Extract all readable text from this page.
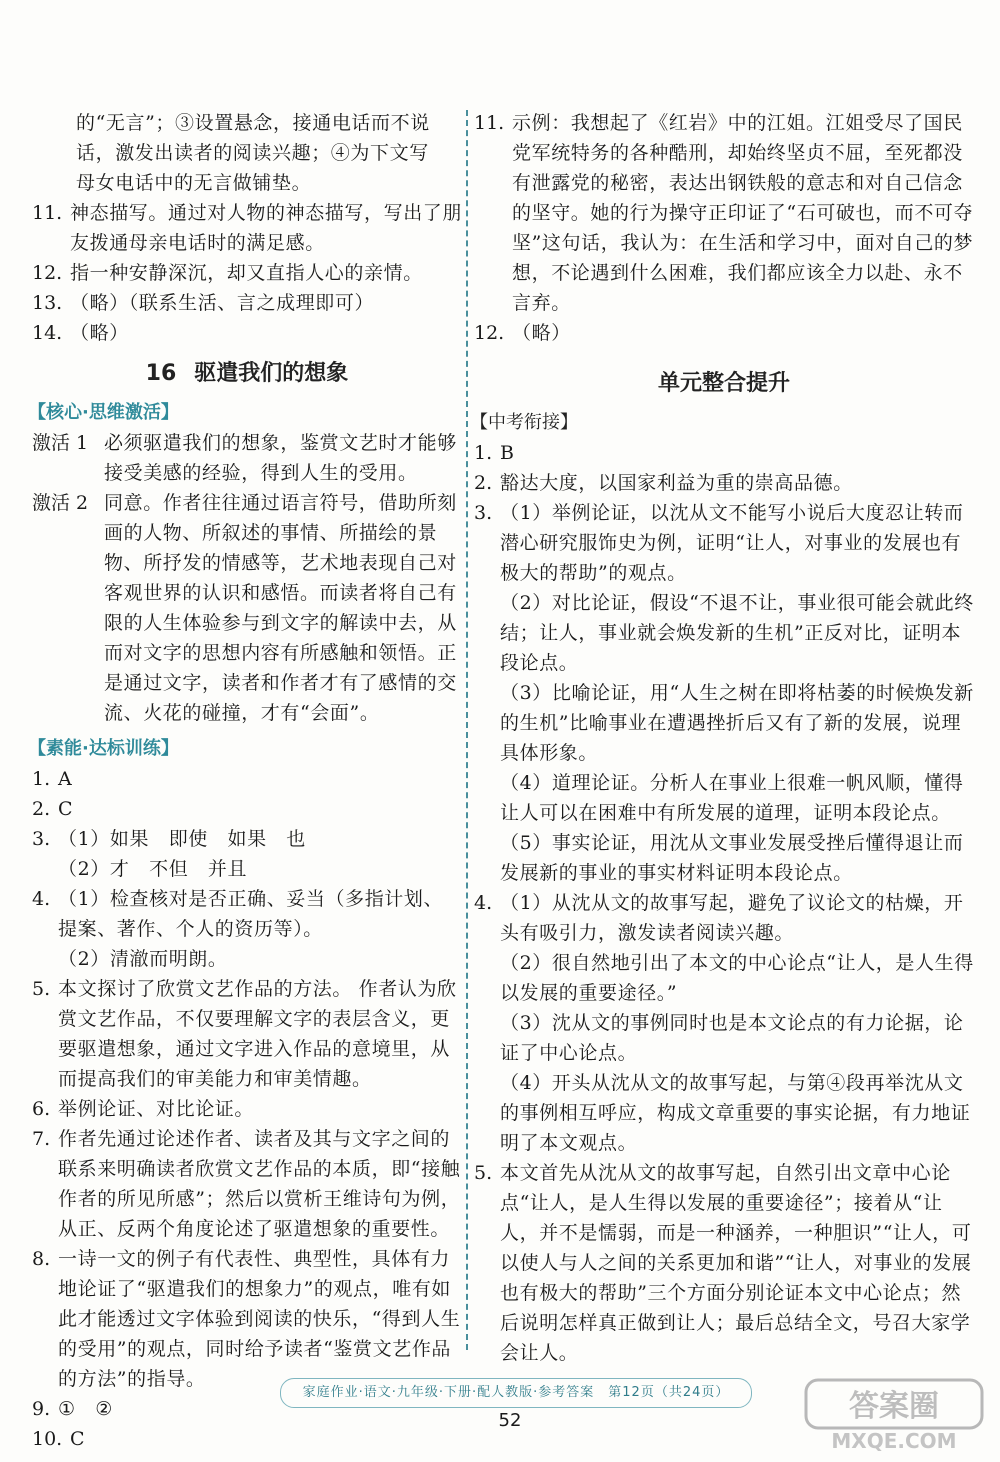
的“无言”；③设置悬念，接通电话而不说

话，激发出读者的阅读兴趣；④为下文写

母女电话中的无言做铺垫。

11. 神态描写。通过对人物的神态描写，写出了朋友拨通母亲电话时的满足感。
12. 指一种安静深沉，却又直指人心的亲情。
13. （略）（联系生活、言之成理即可）
14. （略）
16 驱遣我们的想象
【核心·思维激活】
激活 1 必须驱遣我们的想象，鉴赏文艺时才能够接受美感的经验，得到人生的受用。
激活 2 同意。作者往往通过语言符号，借助所刻画的人物、所叙述的事情、所描绘的景物、所抒发的情感等，艺术地表现自己对客观世界的认识和感悟。而读者将自己有限的人生体验参与到文字的解读中去，从而对文字的思想内容有所感触和领悟。正是通过文字，读者和作者才有了感情的交流、火花的碰撞，才有“会面”。
【素能·达标训练】
1. A
2. C
3. （1）如果　即使　如果　也
（2）才　不但　并且
4. （1）检查核对是否正确、妥当（多指计划、提案、著作、个人的资历等）。
（2）清澈而明朗。
5. 本文探讨了欣赏文艺作品的方法。 作者认为欣赏文艺作品，不仅要理解文字的表层含义，更要驱遣想象，通过文字进入作品的意境里，从而提高我们的审美能力和审美情趣。
6. 举例论证、对比论证。
7. 作者先通过论述作者、读者及其与文字之间的联系来明确读者欣赏文艺作品的本质，即“接触作者的所见所感”；然后以赏析王维诗句为例，从正、反两个角度论述了驱遣想象的重要性。
8. 一诗一文的例子有代表性、典型性，具体有力地论证了“驱遣我们的想象力”的观点，唯有如此才能透过文字体验到阅读的快乐，“得到人生的受用”的观点，同时给予读者“鉴赏文艺作品的方法”的指导。
9. ①　②
10. C
11. 示例：我想起了《红岩》中的江姐。江姐受尽了国民党军统特务的各种酷刑，却始终坚贞不屈，至死都没有泄露党的秘密，表达出钢铁般的意志和对自己信念的坚守。她的行为操守正印证了“石可破也，而不可夺坚”这句话，我认为：在生活和学习中，面对自己的梦想，不论遇到什么困难，我们都应该全力以赴、永不言弃。
12. （略）
单元整合提升
【中考衔接】
1. B
2. 豁达大度，以国家利益为重的崇高品德。
3. （1）举例论证，以沈从文不能写小说后大度忍让转而潜心研究服饰史为例，证明“让人，对事业的发展也有极大的帮助”的观点。
（2）对比论证，假设“不退不让，事业很可能会就此终结；让人，事业就会焕发新的生机”正反对比，证明本段论点。
（3）比喻论证，用“人生之树在即将枯萎的时候焕发新的生机”比喻事业在遭遇挫折后又有了新的发展，说理具体形象。
（4）道理论证。分析人在事业上很难一帆风顺，懂得让人可以在困难中有所发展的道理，证明本段论点。
（5）事实论证，用沈从文事业发展受挫后懂得退让而发展新的事业的事实材料证明本段论点。
4. （1）从沈从文的故事写起，避免了议论文的枯燥，开头有吸引力，激发读者阅读兴趣。
（2）很自然地引出了本文的中心论点“让人，是人生得以发展的重要途径。”
（3）沈从文的事例同时也是本文论点的有力论据，论证了中心论点。
（4）开头从沈从文的故事写起，与第④段再举沈从文的事例相互呼应，构成文章重要的事实论据，有力地证明了本文观点。
5. 本文首先从沈从文的故事写起，自然引出文章中心论点“让人，是人生得以发展的重要途径”；接着从“让人，并不是懦弱，而是一种涵养，一种胆识”“让人，可以使人与人之间的关系更加和谐”“让人，对事业的发展也有极大的帮助”三个方面分别论证本文中心论点；然后说明怎样真正做到让人；最后总结全文，号召大家学会让人。
家庭作业·语文·九年级·下册·配人教版·参考答案　第12页（共24页）
52	答案圈
MXQE.COM
